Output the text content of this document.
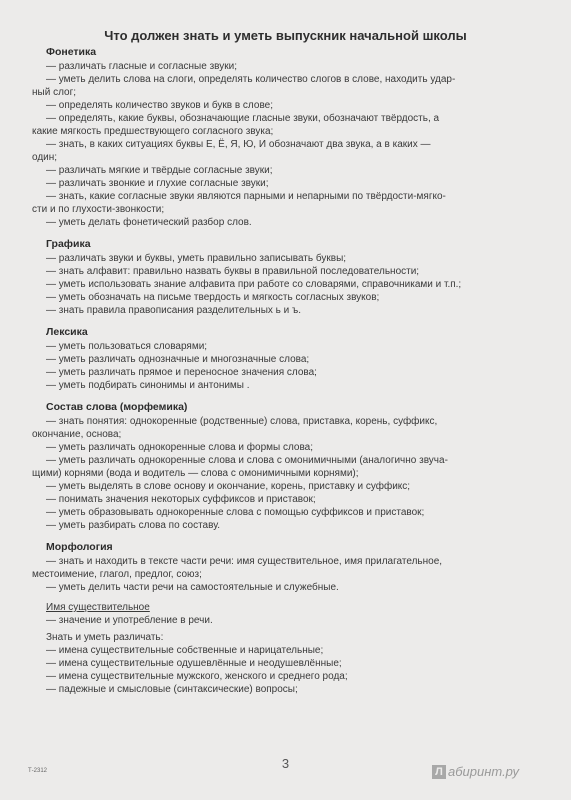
Что должен знать и уметь выпускник начальной школы
Фонетика

— различать гласные и согласные звуки;

— уметь делить слова на слоги, определять количество слогов в слове, находить удар-

ный слог;

— определять количество звуков и букв в слове;

— определять, какие буквы, обозначающие гласные звуки, обозначают твёрдость, а

какие мягкость предшествующего согласного звука;

— знать, в каких ситуациях буквы Е, Ё, Я, Ю, И обозначают два звука, а в каких —

один;

— различать мягкие и твёрдые согласные звуки;

— различать звонкие и глухие согласные звуки;

— знать, какие согласные звуки являются парными и непарными по твёрдости-мягко-

сти и по глухости-звонкости;

— уметь делать фонетический разбор слов.

Графика

— различать звуки и буквы, уметь правильно записывать буквы;

— знать алфавит: правильно назвать буквы в правильной последовательности;

— уметь использовать знание алфавита при работе со словарями, справочниками и т.п.;

— уметь обозначать на письме твердость и мягкость согласных звуков;

— знать правила правописания разделительных ь и ъ.

Лексика

— уметь пользоваться словарями;

— уметь различать однозначные и многозначные слова;

— уметь различать прямое и переносное значения слова;

— уметь подбирать синонимы и антонимы .

Состав слова (морфемика)

— знать понятия: однокоренные (родственные) слова, приставка, корень, суффикс,

окончание, основа;

— уметь различать однокоренные слова и формы слова;

— уметь различать однокоренные слова и слова с омонимичными (аналогично звуча-

щими) корнями (вода и водитель — слова с омонимичными корнями);

— уметь выделять в слове основу и окончание, корень, приставку и суффикс;

— понимать значения некоторых суффиксов и приставок;

— уметь образовывать однокоренные слова с помощью суффиксов и приставок;

— уметь разбирать слова по составу.

Морфология

— знать и находить в тексте части речи: имя существительное, имя прилагательное,

местоимение, глагол, предлог, союз;

— уметь делить части речи на самостоятельные и служебные.

Имя существительное

— значение и употребление в речи.

Знать и уметь различать:

— имена существительные собственные и нарицательные;

— имена существительные одушевлённые и неодушевлённые;

— имена существительные мужского, женского и среднего рода;

— падежные и смысловые (синтаксические) вопросы;

3
Т-2312	Л абиринт.ру
